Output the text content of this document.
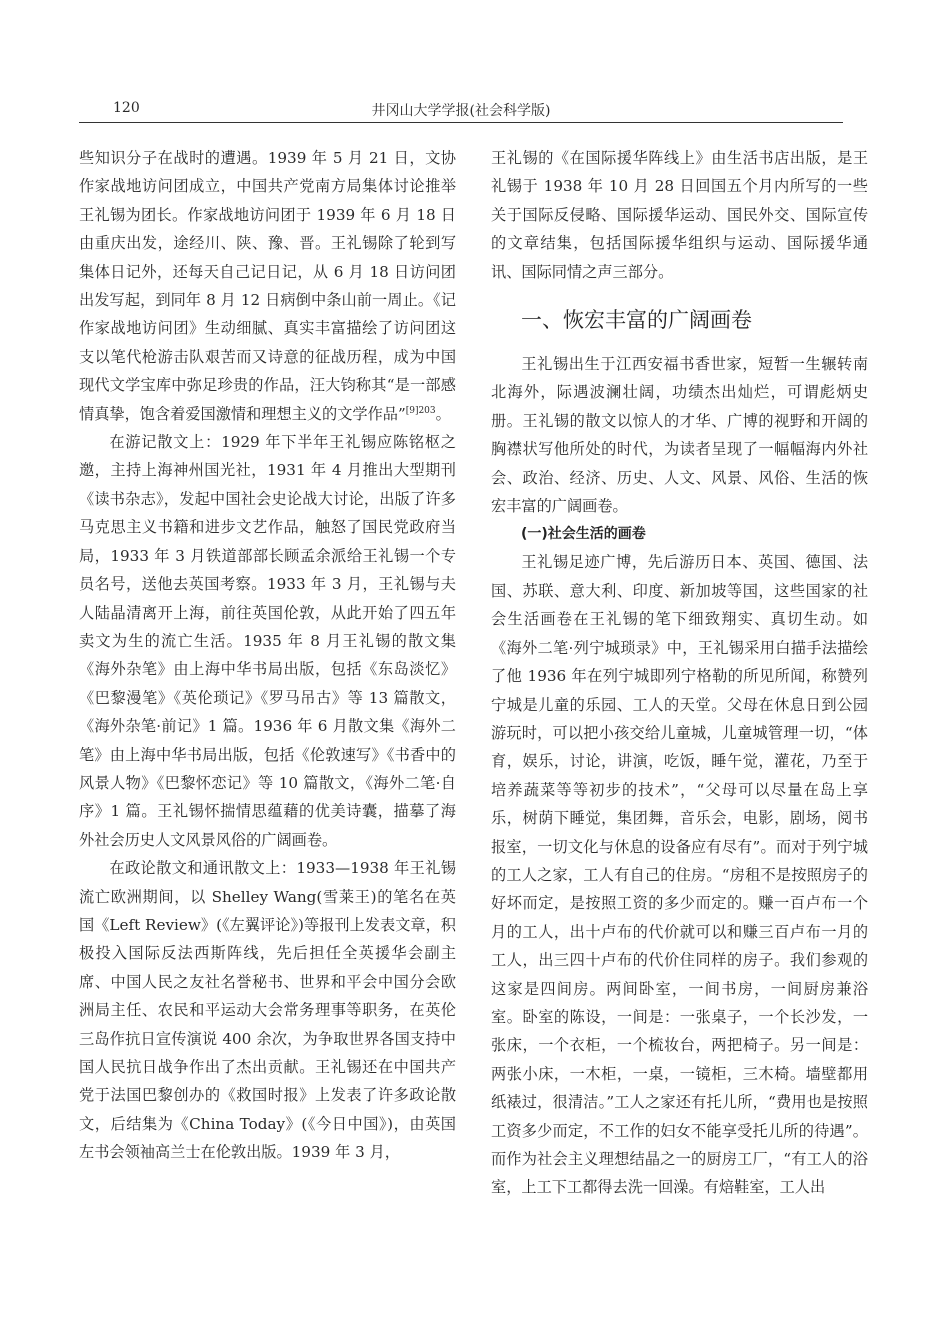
120	井冈山大学学报(社会科学版)

些知识分子在战时的遭遇。1939 年 5 月 21 日，文协作家战地访问团成立，中国共产党南方局集体讨论推举王礼锡为团长。作家战地访问团于 1939 年 6 月 18 日由重庆出发，途经川、陕、豫、晋。王礼锡除了轮到写集体日记外，还每天自己记日记，从 6 月 18 日访问团出发写起，到同年 8 月 12 日病倒中条山前一周止。《记作家战地访问团》生动细腻、真实丰富描绘了访问团这支以笔代枪游击队艰苦而又诗意的征战历程，成为中国现代文学宝库中弥足珍贵的作品，汪大钧称其“是一部感情真挚，饱含着爱国激情和理想主义的文学作品”$^{[9]203}$。

在游记散文上：1929 年下半年王礼锡应陈铭枢之邀，主持上海神州国光社，1931 年 4 月推出大型期刊《读书杂志》，发起中国社会史论战大讨论，出版了许多马克思主义书籍和进步文艺作品，触怒了国民党政府当局，1933 年 3 月铁道部部长顾孟余派给王礼锡一个专员名号，送他去英国考察。1933 年 3 月，王礼锡与夫人陆晶清离开上海，前往英国伦敦，从此开始了四五年卖文为生的流亡生活。1935 年 8 月王礼锡的散文集《海外杂笔》由上海中华书局出版，包括《东岛淡忆》《巴黎漫笔》《英伦琐记》《罗马吊古》等 13 篇散文，《海外杂笔·前记》1 篇。1936 年 6 月散文集《海外二笔》由上海中华书局出版，包括《伦敦速写》《书香中的风景人物》《巴黎怀恋记》等 10 篇散文，《海外二笔·自序》1 篇。王礼锡怀揣情思蕴藉的优美诗囊，描摹了海外社会历史人文风景风俗的广阔画卷。

在政论散文和通讯散文上：1933—1938 年王礼锡流亡欧洲期间，以 Shelley Wang(雪莱王)的笔名在英国《Left Review》(《左翼评论》)等报刊上发表文章，积极投入国际反法西斯阵线，先后担任全英援华会副主席、中国人民之友社名誉秘书、世界和平会中国分会欧洲局主任、农民和平运动大会常务理事等职务，在英伦三岛作抗日宣传演说 400 余次，为争取世界各国支持中国人民抗日战争作出了杰出贡献。王礼锡还在中国共产党于法国巴黎创办的《救国时报》上发表了许多政论散文，后结集为《China Today》(《今日中国》)，由英国左书会领袖高兰士在伦敦出版。1939 年 3 月，

王礼锡的《在国际援华阵线上》由生活书店出版，是王礼锡于 1938 年 10 月 28 日回国五个月内所写的一些关于国际反侵略、国际援华运动、国民外交、国际宣传的文章结集，包括国际援华组织与运动、国际援华通讯、国际同情之声三部分。

一、恢宏丰富的广阔画卷

王礼锡出生于江西安福书香世家，短暂一生辗转南北海外，际遇波澜壮阔，功绩杰出灿烂，可谓彪炳史册。王礼锡的散文以惊人的才华、广博的视野和开阔的胸襟状写他所处的时代，为读者呈现了一幅幅海内外社会、政治、经济、历史、人文、风景、风俗、生活的恢宏丰富的广阔画卷。

(一)社会生活的画卷

王礼锡足迹广博，先后游历日本、英国、德国、法国、苏联、意大利、印度、新加坡等国，这些国家的社会生活画卷在王礼锡的笔下细致翔实、真切生动。如《海外二笔·列宁城琐录》中，王礼锡采用白描手法描绘了他 1936 年在列宁城即列宁格勒的所见所闻，称赞列宁城是儿童的乐园、工人的天堂。父母在休息日到公园游玩时，可以把小孩交给儿童城，儿童城管理一切，“体育，娱乐，讨论，讲演，吃饭，睡午觉，灌花，乃至于培养蔬菜等等初步的技术”，“父母可以尽量在岛上享乐，树荫下睡觉，集团舞，音乐会，电影，剧场，阅书报室，一切文化与休息的设备应有尽有”。而对于列宁城的工人之家，工人有自己的住房。“房租不是按照房子的好坏而定，是按照工资的多少而定的。赚一百卢布一个月的工人，出十卢布的代价就可以和赚三百卢布一月的工人，出三四十卢布的代价住同样的房子。我们参观的这家是四间房。两间卧室，一间书房，一间厨房兼浴室。卧室的陈设，一间是：一张桌子，一个长沙发，一张床，一个衣柜，一个梳妆台，两把椅子。另一间是：两张小床，一木柜，一桌，一镜柜，三木椅。墙壁都用纸裱过，很清洁。”工人之家还有托儿所，“费用也是按照工资多少而定，不工作的妇女不能享受托儿所的待遇”。而作为社会主义理想结晶之一的厨房工厂，“有工人的浴室，上工下工都得去洗一回澡。有焙鞋室，工人出
